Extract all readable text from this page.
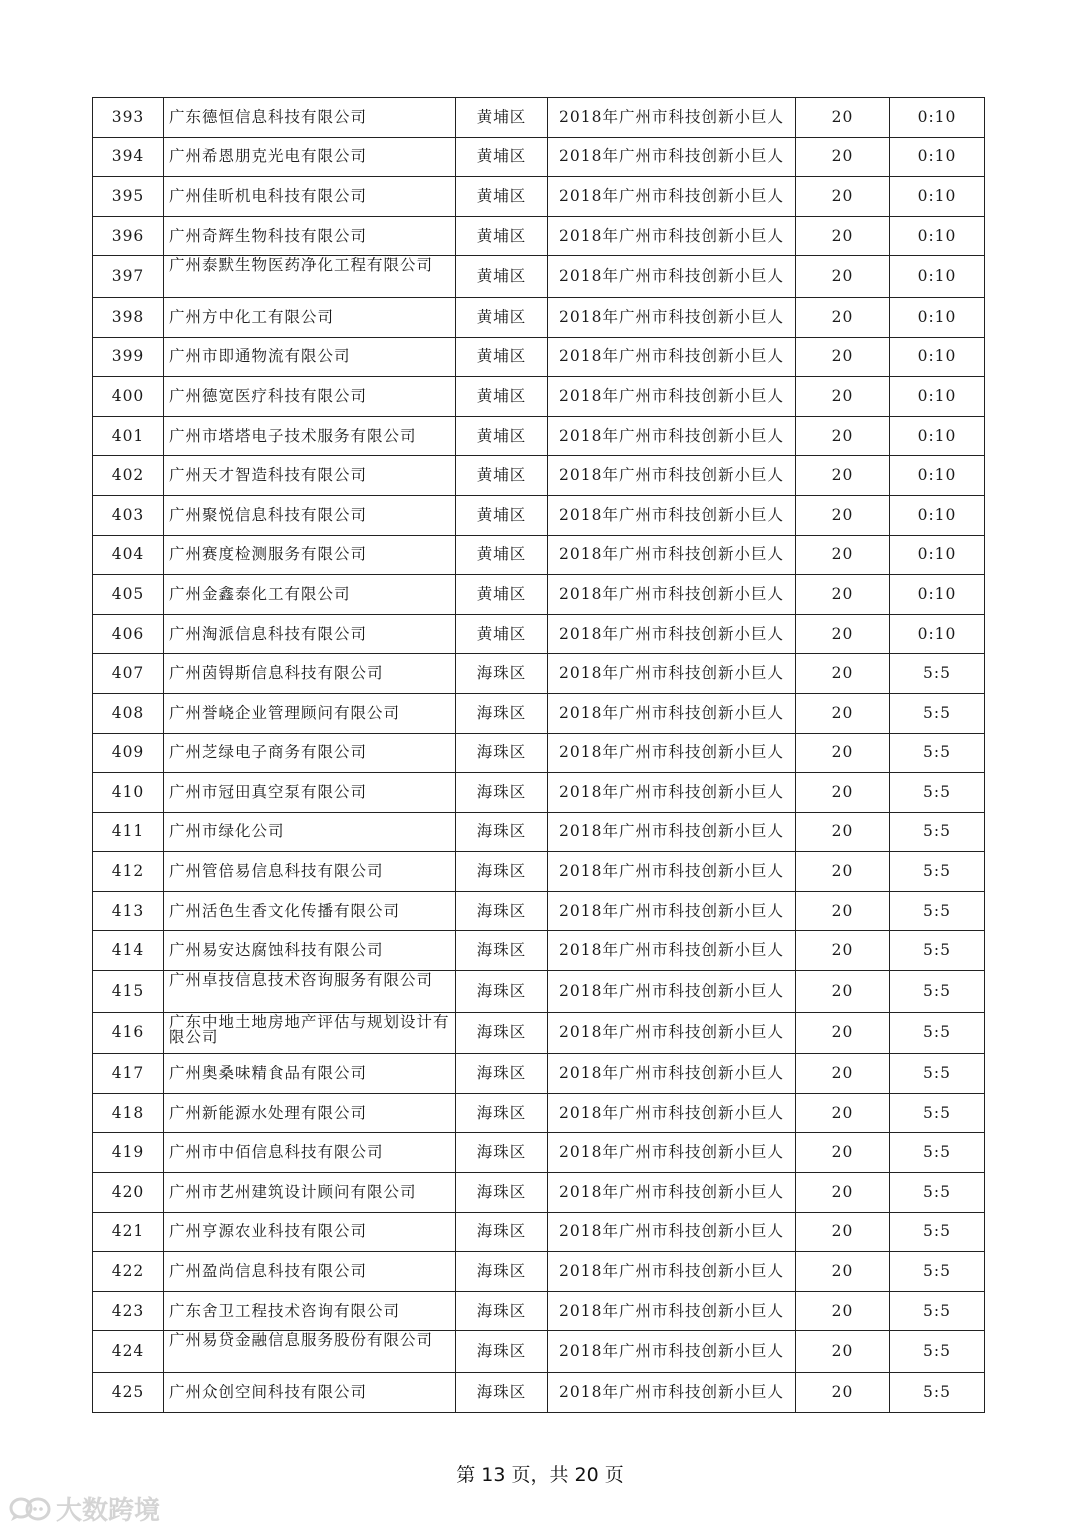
393	广东德恒信息科技有限公司	黄埔区	2018年广州市科技创新小巨人	20	0:10
394	广州希恩朋克光电有限公司	黄埔区	2018年广州市科技创新小巨人	20	0:10
395	广州佳昕机电科技有限公司	黄埔区	2018年广州市科技创新小巨人	20	0:10
396	广州奇辉生物科技有限公司	黄埔区	2018年广州市科技创新小巨人	20	0:10
397	广州泰默生物医药净化工程有限公司	黄埔区	2018年广州市科技创新小巨人	20	0:10
398	广州方中化工有限公司	黄埔区	2018年广州市科技创新小巨人	20	0:10
399	广州市即通物流有限公司	黄埔区	2018年广州市科技创新小巨人	20	0:10
400	广州德宽医疗科技有限公司	黄埔区	2018年广州市科技创新小巨人	20	0:10
401	广州市塔塔电子技术服务有限公司	黄埔区	2018年广州市科技创新小巨人	20	0:10
402	广州天才智造科技有限公司	黄埔区	2018年广州市科技创新小巨人	20	0:10
403	广州聚悦信息科技有限公司	黄埔区	2018年广州市科技创新小巨人	20	0:10
404	广州赛度检测服务有限公司	黄埔区	2018年广州市科技创新小巨人	20	0:10
405	广州金鑫泰化工有限公司	黄埔区	2018年广州市科技创新小巨人	20	0:10
406	广州淘派信息科技有限公司	黄埔区	2018年广州市科技创新小巨人	20	0:10
407	广州茵锝斯信息科技有限公司	海珠区	2018年广州市科技创新小巨人	20	5:5
408	广州誉峣企业管理顾问有限公司	海珠区	2018年广州市科技创新小巨人	20	5:5
409	广州芝绿电子商务有限公司	海珠区	2018年广州市科技创新小巨人	20	5:5
410	广州市冠田真空泵有限公司	海珠区	2018年广州市科技创新小巨人	20	5:5
411	广州市绿化公司	海珠区	2018年广州市科技创新小巨人	20	5:5
412	广州管倍易信息科技有限公司	海珠区	2018年广州市科技创新小巨人	20	5:5
413	广州活色生香文化传播有限公司	海珠区	2018年广州市科技创新小巨人	20	5:5
414	广州易安达腐蚀科技有限公司	海珠区	2018年广州市科技创新小巨人	20	5:5
415	广州卓技信息技术咨询服务有限公司	海珠区	2018年广州市科技创新小巨人	20	5:5
416	广东中地土地房地产评估与规划设计有限公司	海珠区	2018年广州市科技创新小巨人	20	5:5
417	广州奥桑味精食品有限公司	海珠区	2018年广州市科技创新小巨人	20	5:5
418	广州新能源水处理有限公司	海珠区	2018年广州市科技创新小巨人	20	5:5
419	广州市中佰信息科技有限公司	海珠区	2018年广州市科技创新小巨人	20	5:5
420	广州市艺州建筑设计顾问有限公司	海珠区	2018年广州市科技创新小巨人	20	5:5
421	广州亨源农业科技有限公司	海珠区	2018年广州市科技创新小巨人	20	5:5
422	广州盈尚信息科技有限公司	海珠区	2018年广州市科技创新小巨人	20	5:5
423	广东舍卫工程技术咨询有限公司	海珠区	2018年广州市科技创新小巨人	20	5:5
424	广州易贷金融信息服务股份有限公司	海珠区	2018年广州市科技创新小巨人	20	5:5
425	广州众创空间科技有限公司	海珠区	2018年广州市科技创新小巨人	20	5:5
第 13 页，共 20 页
大数跨境
